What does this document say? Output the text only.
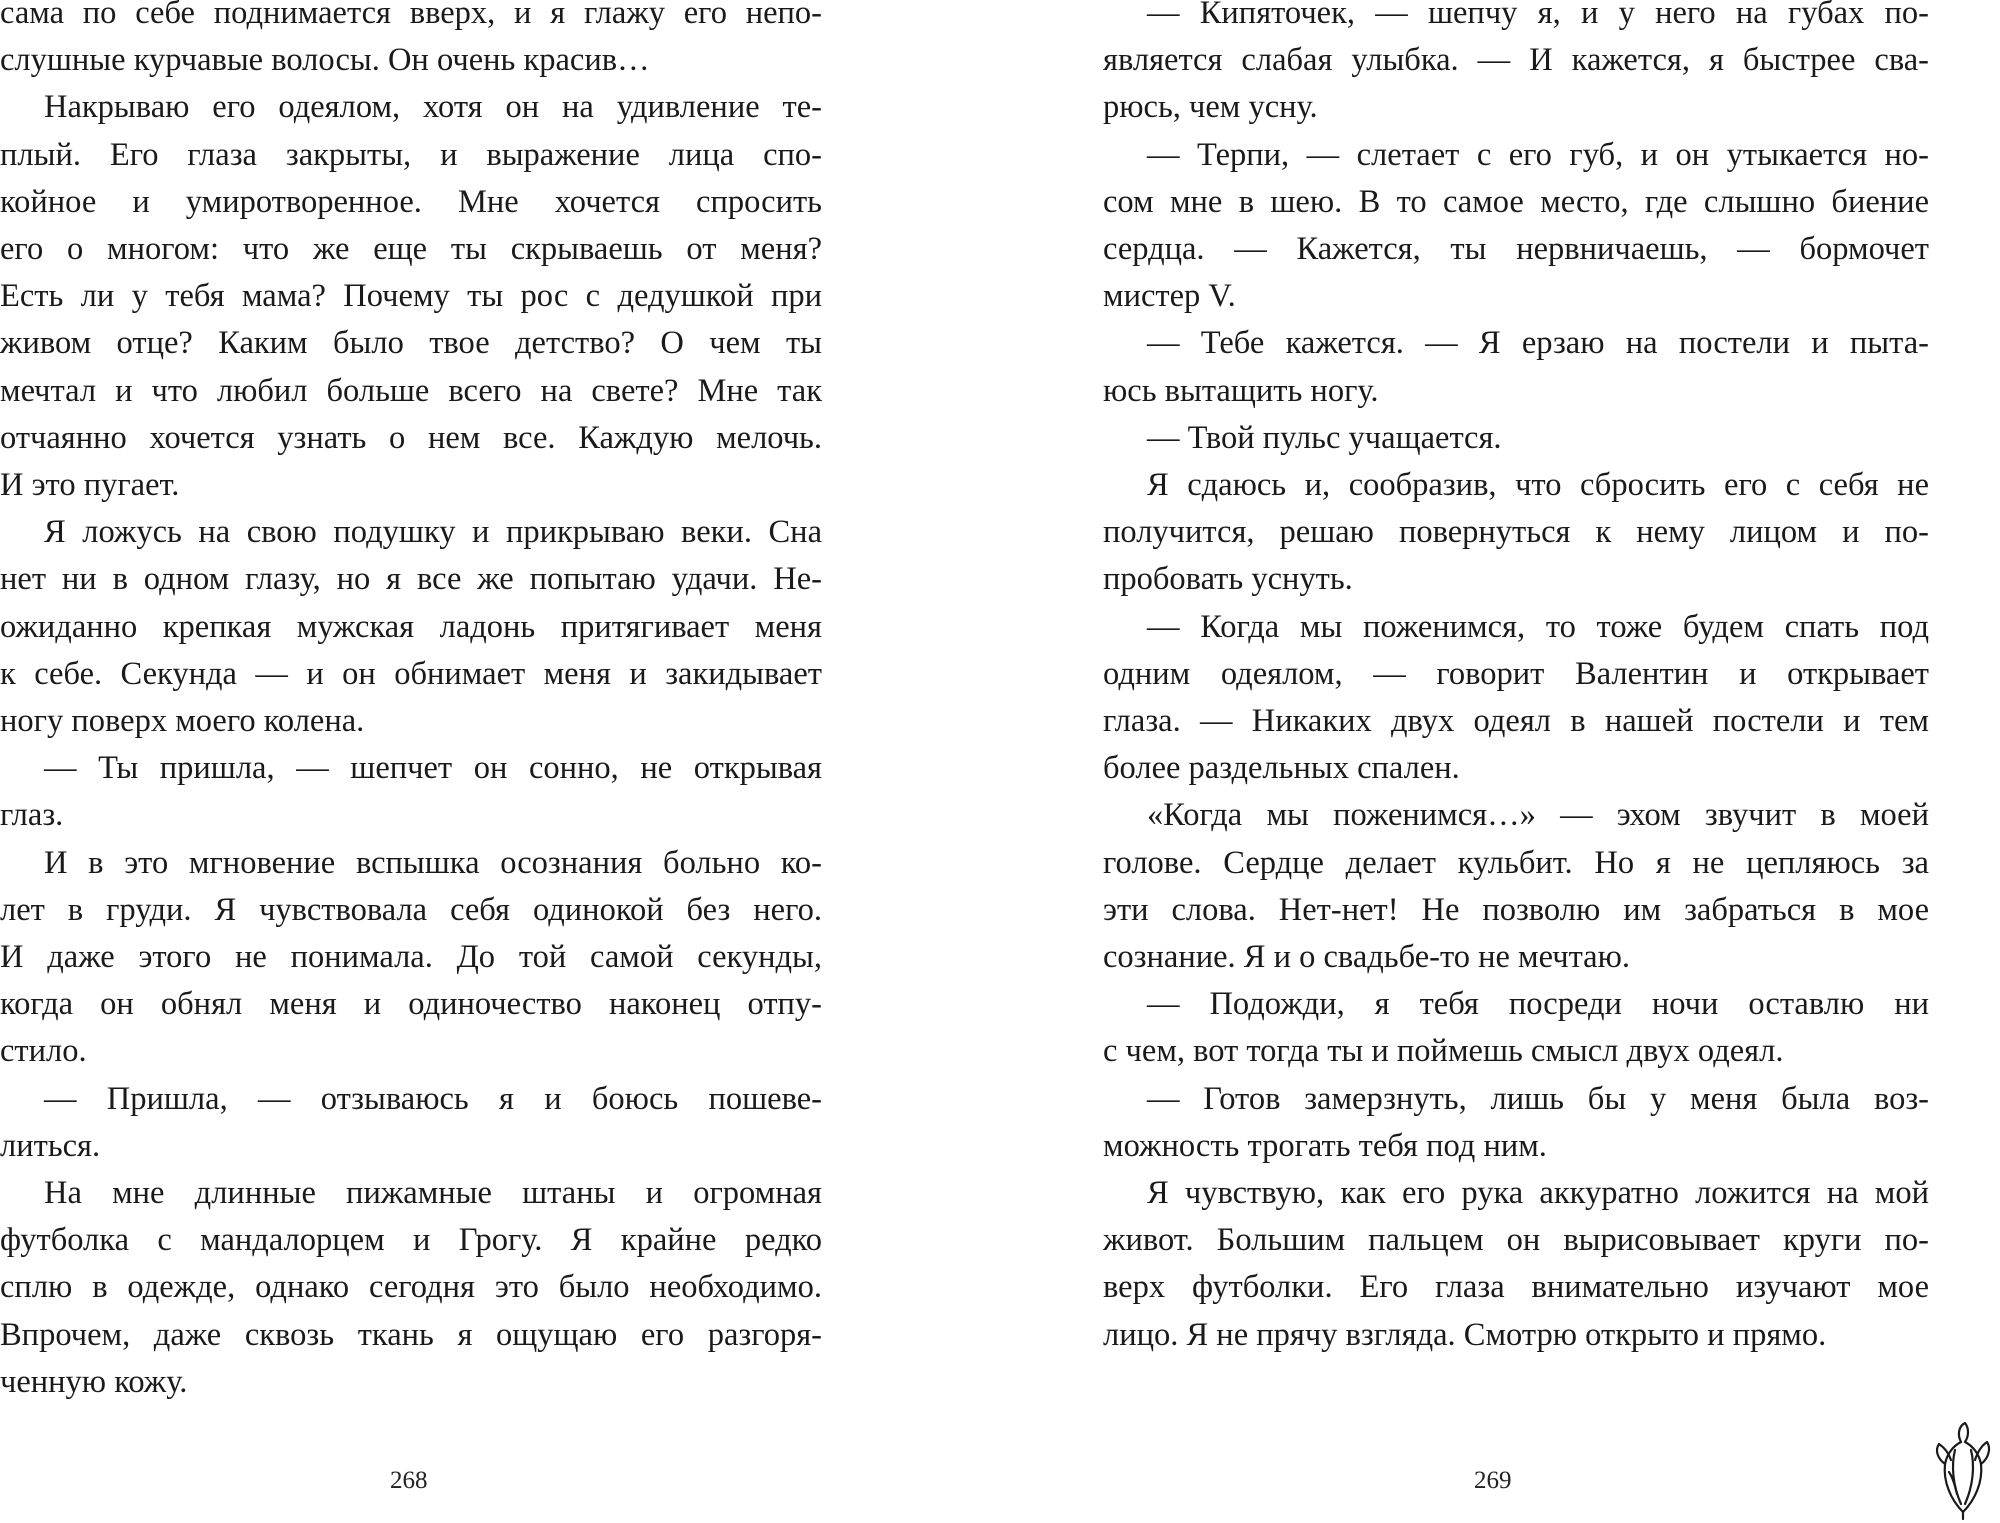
сама по себе поднимается вверх, и я глажу его непо-
слушные курчавые волосы. Он очень красив…
Накрываю его одеялом, хотя он на удивление те-
плый. Его глаза закрыты, и выражение лица спо-
койное и умиротворенное. Мне хочется спросить
его о многом: что же еще ты скрываешь от меня?
Есть ли у тебя мама? Почему ты рос с дедушкой при
живом отце? Каким было твое детство? О чем ты
мечтал и что любил больше всего на свете? Мне так
отчаянно хочется узнать о нем все. Каждую мелочь.
И это пугает.
Я ложусь на свою подушку и прикрываю веки. Сна
нет ни в одном глазу, но я все же попытаю удачи. Не-
ожиданно крепкая мужская ладонь притягивает меня
к себе. Секунда — и он обнимает меня и закидывает
ногу поверх моего колена.
— Ты пришла, — шепчет он сонно, не открывая
глаз.
И в это мгновение вспышка осознания больно ко-
лет в груди. Я чувствовала себя одинокой без него.
И даже этого не понимала. До той самой секунды,
когда он обнял меня и одиночество наконец отпу-
стило.
— Пришла, — отзываюсь я и боюсь пошеве-
литься.
На мне длинные пижамные штаны и огромная
футболка с мандалорцем и Грогу. Я крайне редко
сплю в одежде, однако сегодня это было необходимо.
Впрочем, даже сквозь ткань я ощущаю его разгоря-
ченную кожу.
268
— Кипяточек, — шепчу я, и у него на губах по-
является слабая улыбка. — И кажется, я быстрее сва-
рюсь, чем усну.
— Терпи, — слетает с его губ, и он утыкается но-
сом мне в шею. В то самое место, где слышно биение
сердца. — Кажется, ты нервничаешь, — бормочет
мистер V.
— Тебе кажется. — Я ерзаю на постели и пыта-
юсь вытащить ногу.
— Твой пульс учащается.
Я сдаюсь и, сообразив, что сбросить его с себя не
получится, решаю повернуться к нему лицом и по-
пробовать уснуть.
— Когда мы поженимся, то тоже будем спать под
одним одеялом, — говорит Валентин и открывает
глаза. — Никаких двух одеял в нашей постели и тем
более раздельных спален.
«Когда мы поженимся…» — эхом звучит в моей
голове. Сердце делает кульбит. Но я не цепляюсь за
эти слова. Нет-нет! Не позволю им забраться в мое
сознание. Я и о свадьбе-то не мечтаю.
— Подожди, я тебя посреди ночи оставлю ни
с чем, вот тогда ты и поймешь смысл двух одеял.
— Готов замерзнуть, лишь бы у меня была воз-
можность трогать тебя под ним.
Я чувствую, как его рука аккуратно ложится на мой
живот. Большим пальцем он вырисовывает круги по-
верх футболки. Его глаза внимательно изучают мое
лицо. Я не прячу взгляда. Смотрю открыто и прямо.
269
